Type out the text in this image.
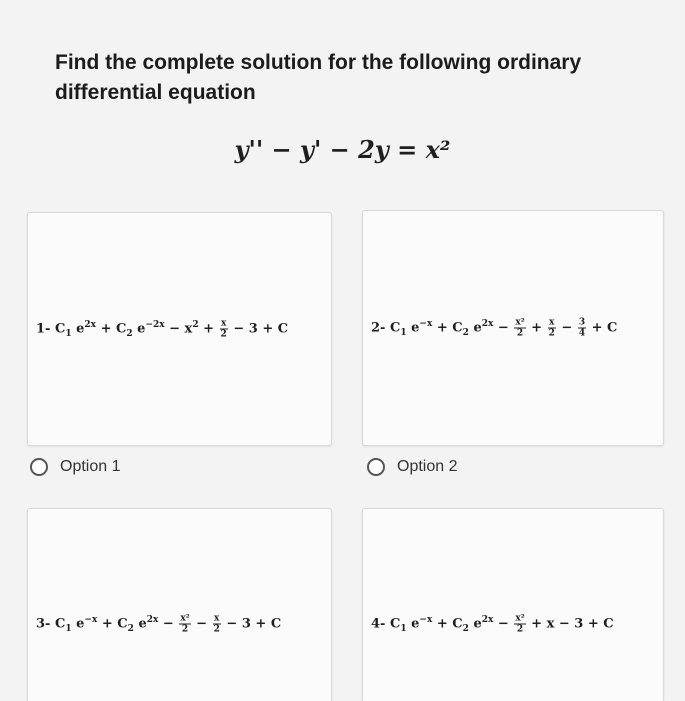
Find the complete solution for the following ordinary
differential equation
y'' − y' − 2y = x²
1- $C_1$ $e^{2x} + C_2$ $e^{-2x} - x^2 + \frac{x}{2} - 3 + C$	2- $C_1$ $e^{-x} + C_2$ $e^{2x} - \frac{\text{x²}}{2} + \frac{x}{2} - \frac{3}{4} + C$
Option 1	Option 2
3- $C_1$ $e^{-x} + C_2$ $e^{2x} - \frac{\text{x²}}{2} - \frac{x}{2} - 3 + C$	4- $C_1$ $e^{-x} + C_2$ $e^{2x} - \frac{\text{x²}}{2} + x - 3 + C$
